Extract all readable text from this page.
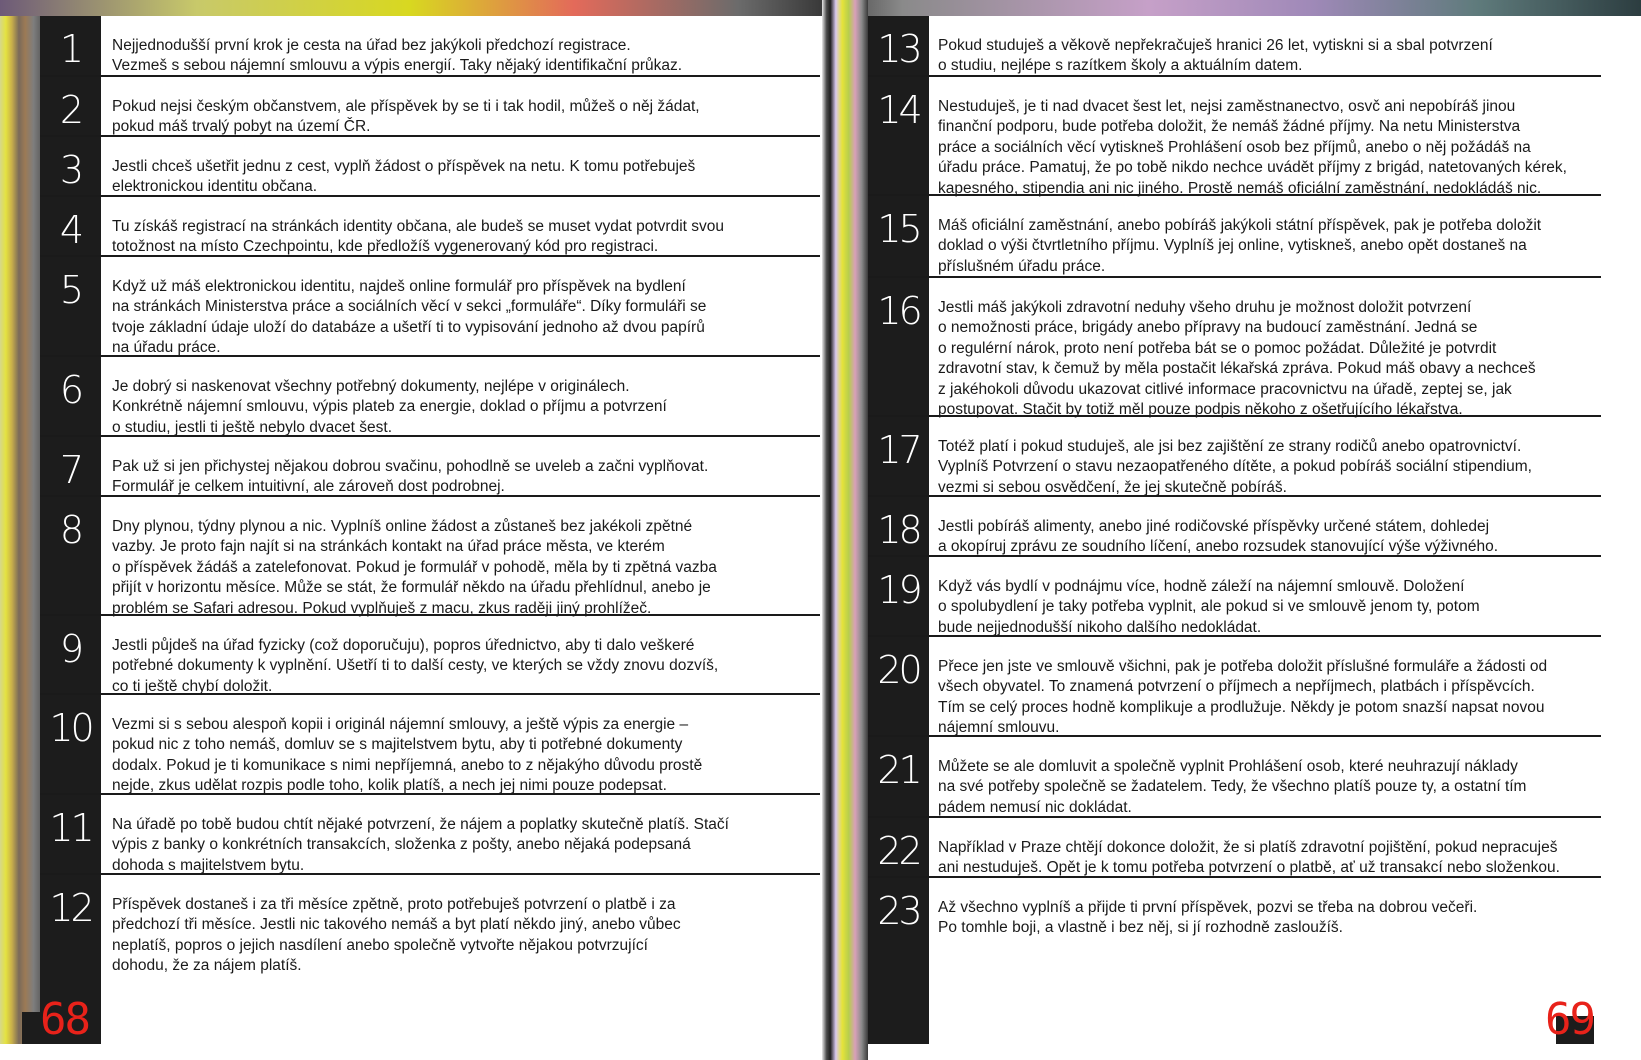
1	Nejjednodušší první krok je cesta na úřad bez jakýkoli předchozí registrace.
Vezmeš s sebou nájemní smlouvu a výpis energií. Taky nějaký identifikační průkaz.
2	Pokud nejsi českým občanstvem, ale příspěvek by se ti i tak hodil, můžeš o něj žádat,
pokud máš trvalý pobyt na území ČR.
3	Jestli chceš ušetřit jednu z cest, vyplň žádost o příspěvek na netu. K tomu potřebuješ
elektronickou identitu občana.
4	Tu získáš registrací na stránkách identity občana, ale budeš se muset vydat potvrdit svou
totožnost na místo Czechpointu, kde předložíš vygenerovaný kód pro registraci.
5	Když už máš elektronickou identitu, najdeš online formulář pro příspěvek na bydlení
na stránkách Ministerstva práce a sociálních věcí v sekci „formuláře“. Díky formuláři se
tvoje základní údaje uloží do databáze a ušetří ti to vypisování jednoho až dvou papírů
na úřadu práce.
6	Je dobrý si naskenovat všechny potřebný dokumenty, nejlépe v originálech.
Konkrétně nájemní smlouvu, výpis plateb za energie, doklad o příjmu a potvrzení
o studiu, jestli ti ještě nebylo dvacet šest.
7	Pak už si jen přichystej nějakou dobrou svačinu, pohodlně se uveleb a začni vyplňovat.
Formulář je celkem intuitivní, ale zároveň dost podrobnej.
8	Dny plynou, týdny plynou a nic. Vyplníš online žádost a zůstaneš bez jakékoli zpětné
vazby. Je proto fajn najít si na stránkách kontakt na úřad práce města, ve kterém
o příspěvek žádáš a zatelefonovat. Pokud je formulář v pohodě, měla by ti zpětná vazba
přijít v horizontu měsíce. Může se stát, že formulář někdo na úřadu přehlídnul, anebo je
problém se Safari adresou. Pokud vyplňuješ z macu, zkus raději jiný prohlížeč.
9	Jestli půjdeš na úřad fyzicky (což doporučuju), popros úřednictvo, aby ti dalo veškeré
potřebné dokumenty k vyplnění. Ušetří ti to další cesty, ve kterých se vždy znovu dozvíš,
co ti ještě chybí doložit.
10	Vezmi si s sebou alespoň kopii i originál nájemní smlouvy, a ještě výpis za energie –
pokud nic z toho nemáš, domluv se s majitelstvem bytu, aby ti potřebné dokumenty
dodalx. Pokud je ti komunikace s nimi nepříjemná, anebo to z nějakýho důvodu prostě
nejde, zkus udělat rozpis podle toho, kolik platíš, a nech jej nimi pouze podepsat.
11	Na úřadě po tobě budou chtít nějaké potvrzení, že nájem a poplatky skutečně platíš. Stačí
výpis z banky o konkrétních transakcích, složenka z pošty, anebo nějaká podepsaná
dohoda s majitelstvem bytu.
12	Příspěvek dostaneš i za tři měsíce zpětně, proto potřebuješ potvrzení o platbě i za
předchozí tři měsíce. Jestli nic takového nemáš a byt platí někdo jiný, anebo vůbec
neplatíš, popros o jejich nasdílení anebo společně vytvořte nějakou potvrzující
dohodu, že za nájem platíš.
13	Pokud studuješ a věkově nepřekračuješ hranici 26 let, vytiskni si a sbal potvrzení
o studiu, nejlépe s razítkem školy a aktuálním datem.
14	Nestuduješ, je ti nad dvacet šest let, nejsi zaměstnanectvo, osvč ani nepobíráš jinou
finanční podporu, bude potřeba doložit, že nemáš žádné příjmy. Na netu Ministerstva
práce a sociálních věcí vytiskneš Prohlášení osob bez příjmů, anebo o něj požádáš na
úřadu práce. Pamatuj, že po tobě nikdo nechce uvádět příjmy z brigád, natetovaných kérek,
kapesného, stipendia ani nic jiného. Prostě nemáš oficiální zaměstnání, nedokládáš nic.
15	Máš oficiální zaměstnání, anebo pobíráš jakýkoli státní příspěvek, pak je potřeba doložit
doklad o výši čtvrtletního příjmu. Vyplníš jej online, vytiskneš, anebo opět dostaneš na
příslušném úřadu práce.
16	Jestli máš jakýkoli zdravotní neduhy všeho druhu je možnost doložit potvrzení
o nemožnosti práce, brigády anebo přípravy na budoucí zaměstnání. Jedná se
o regulérní nárok, proto není potřeba bát se o pomoc požádat. Důležité je potvrdit
zdravotní stav, k čemuž by měla postačit lékařská zpráva. Pokud máš obavy a nechceš
z jakéhokoli důvodu ukazovat citlivé informace pracovnictvu na úřadě, zeptej se, jak
postupovat. Stačit by totiž měl pouze podpis někoho z ošetřujícího lékařstva.
17	Totéž platí i pokud studuješ, ale jsi bez zajištění ze strany rodičů anebo opatrovnictví.
Vyplníš Potvrzení o stavu nezaopatřeného dítěte, a pokud pobíráš sociální stipendium,
vezmi si sebou osvědčení, že jej skutečně pobíráš.
18	Jestli pobíráš alimenty, anebo jiné rodičovské příspěvky určené státem, dohledej
a okopíruj zprávu ze soudního líčení, anebo rozsudek stanovující výše výživného.
19	Když vás bydlí v podnájmu více, hodně záleží na nájemní smlouvě. Doložení
o spolubydlení je taky potřeba vyplnit, ale pokud si ve smlouvě jenom ty, potom
bude nejjednodušší nikoho dalšího nedokládat.
20	Přece jen jste ve smlouvě všichni, pak je potřeba doložit příslušné formuláře a žádosti od
všech obyvatel. To znamená potvrzení o příjmech a nepříjmech, platbách i příspěvcích.
Tím se celý proces hodně komplikuje a prodlužuje. Někdy je potom snazší napsat novou
nájemní smlouvu.
21	Můžete se ale domluvit a společně vyplnit Prohlášení osob, které neuhrazují náklady
na své potřeby společně se žadatelem. Tedy, že všechno platíš pouze ty, a ostatní tím
pádem nemusí nic dokládat.
22	Například v Praze chtějí dokonce doložit, že si platíš zdravotní pojištění, pokud nepracuješ
ani nestuduješ. Opět je k tomu potřeba potvrzení o platbě, ať už transakcí nebo složenkou.
23	Až všechno vyplníš a přijde ti první příspěvek, pozvi se třeba na dobrou večeři.
Po tomhle boji, a vlastně i bez něj, si jí rozhodně zasloužíš.
68	69
